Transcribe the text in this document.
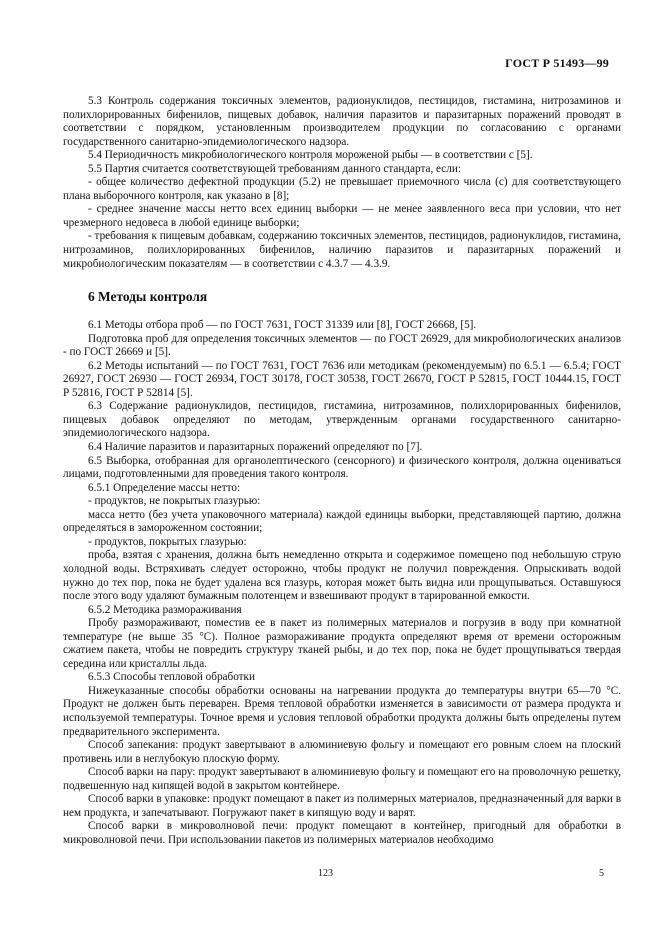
ГОСТ Р 51493—99

5.3 Контроль содержания токсичных элементов, радионуклидов, пестицидов, гистамина, нитрозаминов и полихлорированных бифенилов, пищевых добавок, наличия паразитов и паразитарных поражений проводят в соответствии с порядком, установленным производителем продукции по согласованию с органами государственного санитарно-эпидемиологического надзора.

5.4 Периодичность микробиологического контроля мороженой рыбы — в соответствии с [5].

5.5 Партия считается соответствующей требованиям данного стандарта, если:

- общее количество дефектной продукции (5.2) не превышает приемочного числа (c) для соответствующего плана выборочного контроля, как указано в [8];

- среднее значение массы нетто всех единиц выборки — не менее заявленного веса при условии, что нет чрезмерного недовеса в любой единице выборки;

- требования к пищевым добавкам, содержанию токсичных элементов, пестицидов, радионуклидов, гистамина, нитрозаминов, полихлорированных бифенилов, наличию паразитов и паразитарных поражений и микробиологическим показателям — в соответствии с 4.3.7 — 4.3.9.

6 Методы контроля

6.1 Методы отбора проб — по ГОСТ 7631, ГОСТ 31339 или [8], ГОСТ 26668, [5].

Подготовка проб для определения токсичных элементов — по ГОСТ 26929, для микробиологических анализов - по ГОСТ 26669 и [5].

6.2 Методы испытаний — по ГОСТ 7631, ГОСТ 7636 или методикам (рекомендуемым) по 6.5.1 — 6.5.4; ГОСТ 26927, ГОСТ 26930 — ГОСТ 26934, ГОСТ 30178, ГОСТ 30538, ГОСТ 26670, ГОСТ Р 52815, ГОСТ 10444.15, ГОСТ Р 52816, ГОСТ Р 52814 [5].

6.3 Содержание радионуклидов, пестицидов, гистамина, нитрозаминов, полихлорированных бифенилов, пищевых добавок определяют по методам, утвержденным органами государственного санитарно-эпидемиологического надзора.

6.4 Наличие паразитов и паразитарных поражений определяют по [7].

6.5 Выборка, отобранная для органолептического (сенсорного) и физического контроля, должна оцениваться лицами, подготовленными для проведения такого контроля.

6.5.1 Определение массы нетто:

- продуктов, не покрытых глазурью:

масса нетто (без учета упаковочного материала) каждой единицы выборки, представляющей партию, должна определяться в замороженном состоянии;

- продуктов, покрытых глазурью:

проба, взятая с хранения, должна быть немедленно открыта и содержимое помещено под небольшую струю холодной воды. Встряхивать следует осторожно, чтобы продукт не получил повреждения. Опрыскивать водой нужно до тех пор, пока не будет удалена вся глазурь, которая может быть видна или прощупываться. Оставшуюся после этого воду удаляют бумажным полотенцем и взвешивают продукт в тарированной емкости.

6.5.2 Методика размораживания

Пробу размораживают, поместив ее в пакет из полимерных материалов и погрузив в воду при комнатной температуре (не выше 35 °С). Полное размораживание продукта определяют время от времени осторожным сжатием пакета, чтобы не повредить структуру тканей рыбы, и до тех пор, пока не будет прощупываться твердая середина или кристаллы льда.

6.5.3 Способы тепловой обработки

Нижеуказанные способы обработки основаны на нагревании продукта до температуры внутри 65—70 °С. Продукт не должен быть переварен. Время тепловой обработки изменяется в зависимости от размера продукта и используемой температуры. Точное время и условия тепловой обработки продукта должны быть определены путем предварительного эксперимента.

Способ запекания: продукт завертывают в алюминиевую фольгу и помещают его ровным слоем на плоский противень или в неглубокую плоскую форму.

Способ варки на пару: продукт завертывают в алюминиевую фольгу и помещают его на проволочную решетку, подвешенную над кипящей водой в закрытом контейнере.

Способ варки в упаковке: продукт помещают в пакет из полимерных материалов, предназначенный для варки в нем продукта, и запечатывают. Погружают пакет в кипящую воду и варят.

Способ варки в микроволновой печи: продукт помещают в контейнер, пригодный для обработки в микроволновой печи. При использовании пакетов из полимерных материалов необходимо

123	5
